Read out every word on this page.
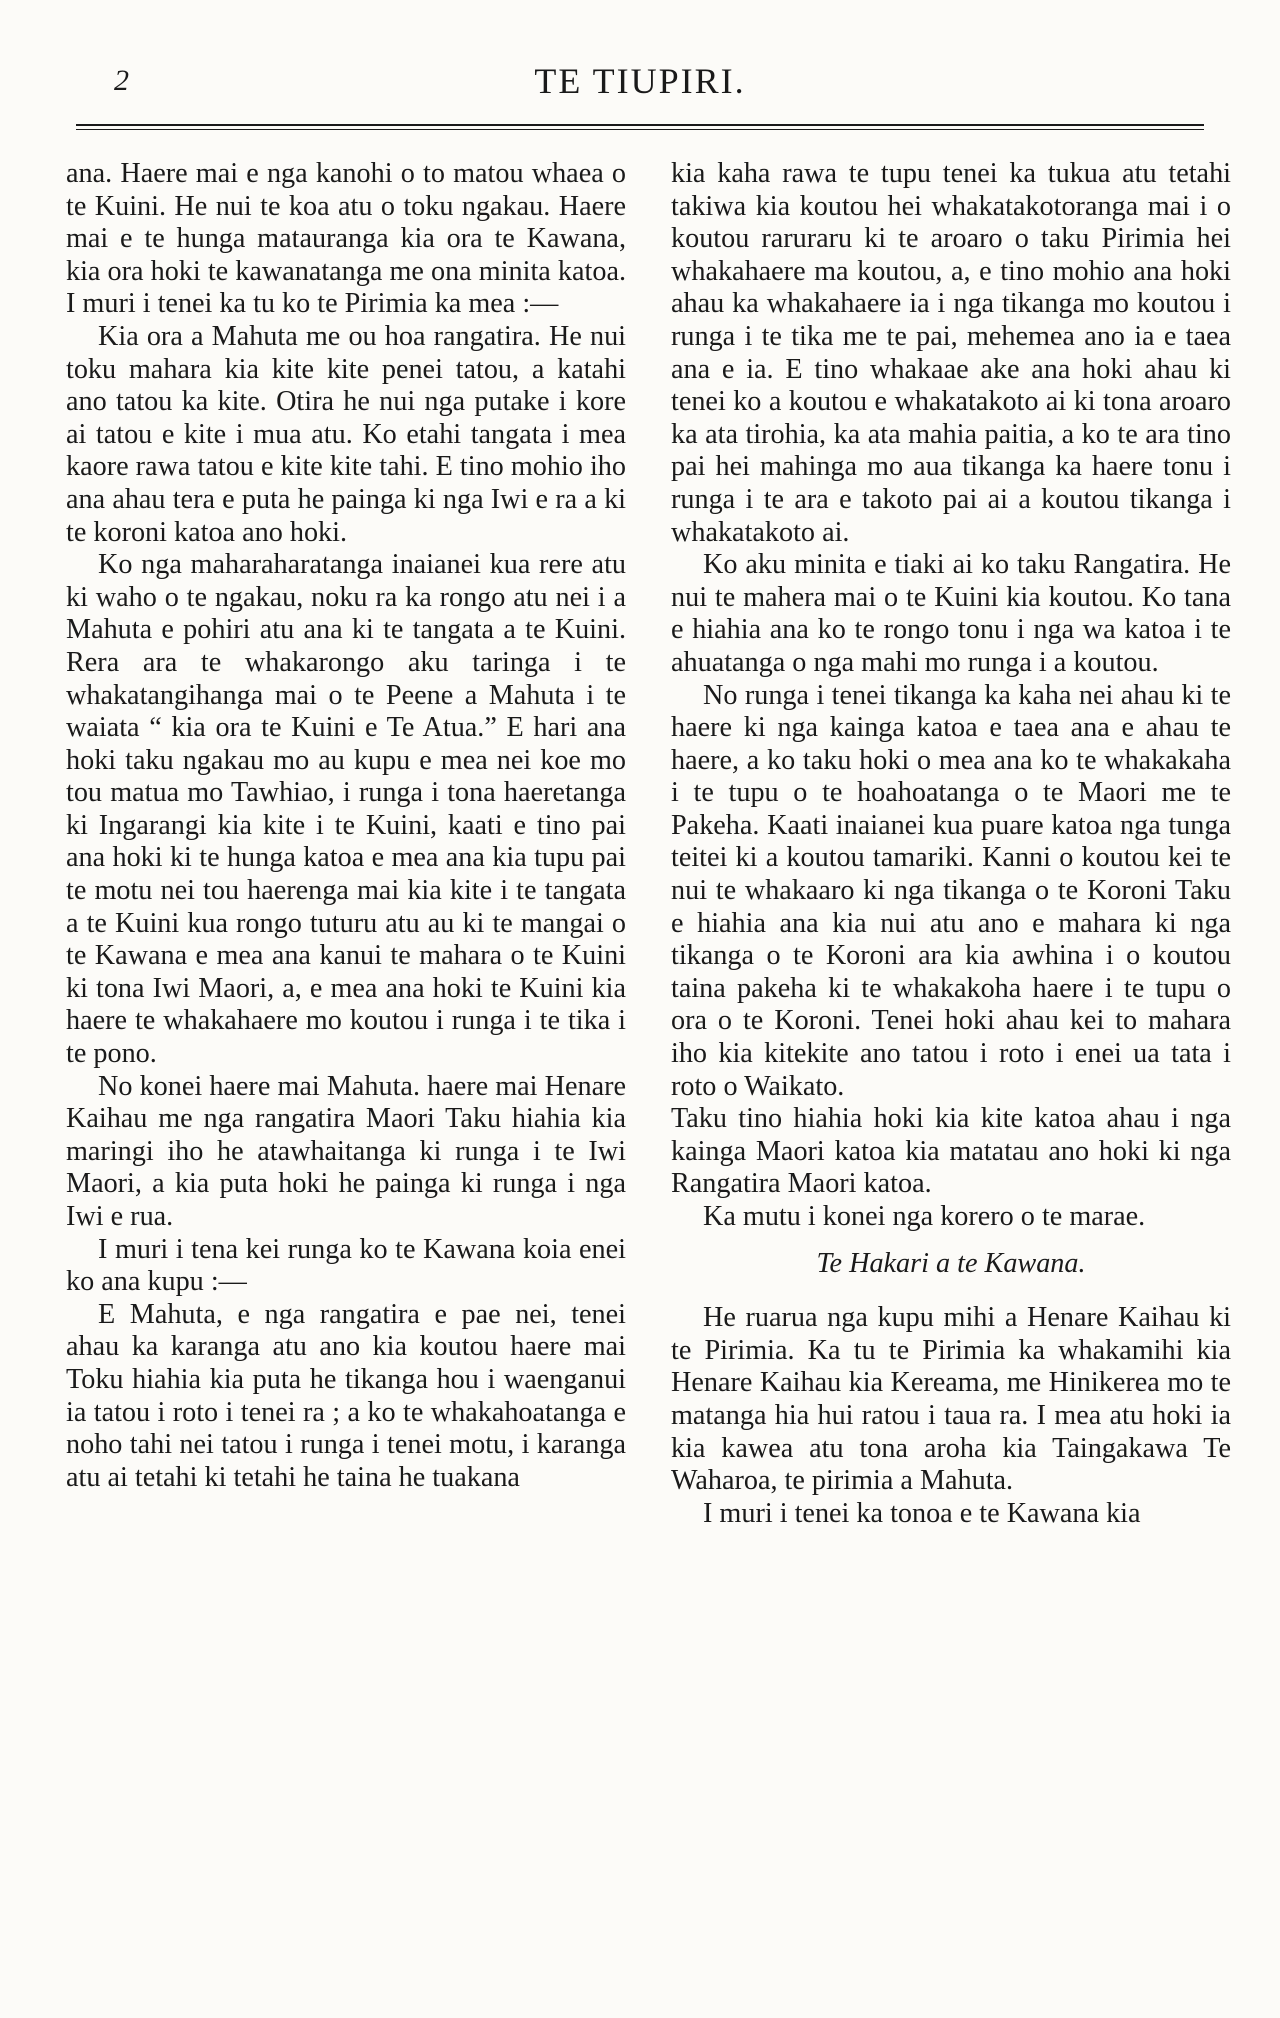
2	TE TIUPIRI.

ana. Haere mai e nga kanohi o to matou whaea o te Kuini. He nui te koa atu o toku ngakau. Haere mai e te hunga matauranga kia ora te Kawana, kia ora hoki te kawanatanga me ona minita katoa. I muri i tenei ka tu ko te Pirimia ka mea :—

Kia ora a Mahuta me ou hoa rangatira. He nui toku mahara kia kite kite penei tatou, a katahi ano tatou ka kite. Otira he nui nga putake i kore ai tatou e kite i mua atu. Ko etahi tangata i mea kaore rawa tatou e kite kite tahi. E tino mohio iho ana ahau tera e puta he painga ki nga Iwi e ra a ki te koroni katoa ano hoki.

Ko nga maharaharatanga inaianei kua rere atu ki waho o te ngakau, noku ra ka rongo atu nei i a Mahuta e pohiri atu ana ki te tangata a te Kuini. Rera ara te whakarongo aku taringa i te whakatangihanga mai o te Peene a Mahuta i te waiata “ kia ora te Kuini e Te Atua.” E hari ana hoki taku ngakau mo au kupu e mea nei koe mo tou matua mo Tawhiao, i runga i tona haeretanga ki Ingarangi kia kite i te Kuini, kaati e tino pai ana hoki ki te hunga katoa e mea ana kia tupu pai te motu nei tou haerenga mai kia kite i te tangata a te Kuini kua rongo tuturu atu au ki te mangai o te Kawana e mea ana kanui te mahara o te Kuini ki tona Iwi Maori, a, e mea ana hoki te Kuini kia haere te whakahaere mo koutou i runga i te tika i te pono.

No konei haere mai Mahuta. haere mai Henare Kaihau me nga rangatira Maori Taku hiahia kia maringi iho he atawhaitanga ki runga i te Iwi Maori, a kia puta hoki he painga ki runga i nga Iwi e rua.

I muri i tena kei runga ko te Kawana koia enei ko ana kupu :—

E Mahuta, e nga rangatira e pae nei, tenei ahau ka karanga atu ano kia koutou haere mai Toku hiahia kia puta he tikanga hou i waenganui ia tatou i roto i tenei ra ; a ko te whakahoatanga e noho tahi nei tatou i runga i tenei motu, i karanga atu ai tetahi ki tetahi he taina he tuakana

kia kaha rawa te tupu tenei ka tukua atu tetahi takiwa kia koutou hei whakatakotoranga mai i o koutou raruraru ki te aroaro o taku Pirimia hei whakahaere ma koutou, a, e tino mohio ana hoki ahau ka whakahaere ia i nga tikanga mo koutou i runga i te tika me te pai, mehemea ano ia e taea ana e ia. E tino whakaae ake ana hoki ahau ki tenei ko a koutou e whakatakoto ai ki tona aroaro ka ata tirohia, ka ata mahia paitia, a ko te ara tino pai hei mahinga mo aua tikanga ka haere tonu i runga i te ara e takoto pai ai a koutou tikanga i whakatakoto ai.

Ko aku minita e tiaki ai ko taku Rangatira. He nui te mahera mai o te Kuini kia koutou. Ko tana e hiahia ana ko te rongo tonu i nga wa katoa i te ahuatanga o nga mahi mo runga i a koutou.

No runga i tenei tikanga ka kaha nei ahau ki te haere ki nga kainga katoa e taea ana e ahau te haere, a ko taku hoki o mea ana ko te whakakaha i te tupu o te hoahoatanga o te Maori me te Pakeha. Kaati inaianei kua puare katoa nga tunga teitei ki a koutou tamariki. Kanni o koutou kei te nui te whakaaro ki nga tikanga o te Koroni Taku e hiahia ana kia nui atu ano e mahara ki nga tikanga o te Koroni ara kia awhina i o koutou taina pakeha ki te whakakoha haere i te tupu o ora o te Koroni. Tenei hoki ahau kei to mahara iho kia kitekite ano tatou i roto i enei ua tata i roto o Waikato.

Taku tino hiahia hoki kia kite katoa ahau i nga kainga Maori katoa kia matatau ano hoki ki nga Rangatira Maori katoa.

Ka mutu i konei nga korero o te marae.

Te Hakari a te Kawana.

He ruarua nga kupu mihi a Henare Kaihau ki te Pirimia. Ka tu te Pirimia ka whakamihi kia Henare Kaihau kia Kereama, me Hinikerea mo te matanga hia hui ratou i taua ra. I mea atu hoki ia kia kawea atu tona aroha kia Taingakawa Te Waharoa, te pirimia a Mahuta.

I muri i tenei ka tonoa e te Kawana kia
